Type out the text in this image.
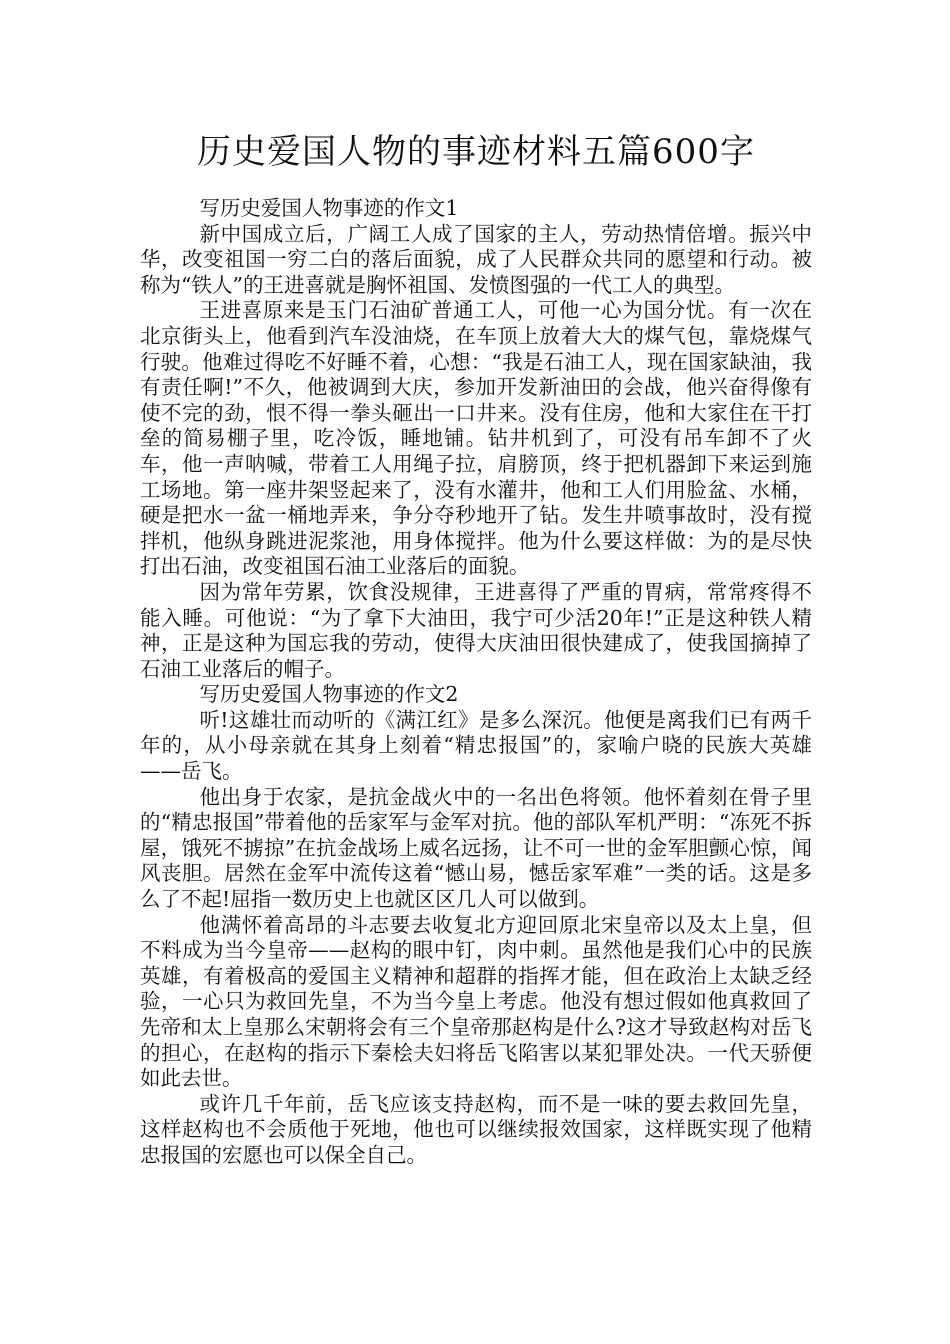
历史爱国人物的事迹材料五篇600字

写历史爱国人物事迹的作文1

新中国成立后，广阔工人成了国家的主人，劳动热情倍增。振兴中华，改变祖国一穷二白的落后面貌，成了人民群众共同的愿望和行动。被称为“铁人”的王进喜就是胸怀祖国、发愤图强的一代工人的典型。

王进喜原来是玉门石油矿普通工人，可他一心为国分忧。有一次在北京街头上，他看到汽车没油烧，在车顶上放着大大的煤气包，靠烧煤气行驶。他难过得吃不好睡不着，心想：“我是石油工人，现在国家缺油，我有责任啊!”不久，他被调到大庆，参加开发新油田的会战，他兴奋得像有使不完的劲，恨不得一拳头砸出一口井来。没有住房，他和大家住在干打垒的简易棚子里，吃冷饭，睡地铺。钻井机到了，可没有吊车卸不了火车，他一声呐喊，带着工人用绳子拉，肩膀顶，终于把机器卸下来运到施工场地。第一座井架竖起来了，没有水灌井，他和工人们用脸盆、水桶，硬是把水一盆一桶地弄来，争分夺秒地开了钻。发生井喷事故时，没有搅拌机，他纵身跳进泥浆池，用身体搅拌。他为什么要这样做：为的是尽快打出石油，改变祖国石油工业落后的面貌。

因为常年劳累，饮食没规律，王进喜得了严重的胃病，常常疼得不能入睡。可他说：“为了拿下大油田，我宁可少活20年!”正是这种铁人精神，正是这种为国忘我的劳动，使得大庆油田很快建成了，使我国摘掉了石油工业落后的帽子。

写历史爱国人物事迹的作文2

听!这雄壮而动听的《满江红》是多么深沉。他便是离我们已有两千年的，从小母亲就在其身上刻着“精忠报国”的，家喻户晓的民族大英雄——岳飞。

他出身于农家，是抗金战火中的一名出色将领。他怀着刻在骨子里的“精忠报国”带着他的岳家军与金军对抗。他的部队军机严明：“冻死不拆屋，饿死不掳掠”在抗金战场上威名远扬，让不可一世的金军胆颤心惊，闻风丧胆。居然在金军中流传这着“憾山易，憾岳家军难”一类的话。这是多么了不起!屈指一数历史上也就区区几人可以做到。

他满怀着高昂的斗志要去收复北方迎回原北宋皇帝以及太上皇，但不料成为当今皇帝——赵构的眼中钉，肉中刺。虽然他是我们心中的民族英雄，有着极高的爱国主义精神和超群的指挥才能，但在政治上太缺乏经验，一心只为救回先皇，不为当今皇上考虑。他没有想过假如他真救回了先帝和太上皇那么宋朝将会有三个皇帝那赵构是什么?这才导致赵构对岳飞的担心，在赵构的指示下秦桧夫妇将岳飞陷害以某犯罪处决。一代天骄便如此去世。

或许几千年前，岳飞应该支持赵构，而不是一味的要去救回先皇，这样赵构也不会质他于死地，他也可以继续报效国家，这样既实现了他精忠报国的宏愿也可以保全自己。
